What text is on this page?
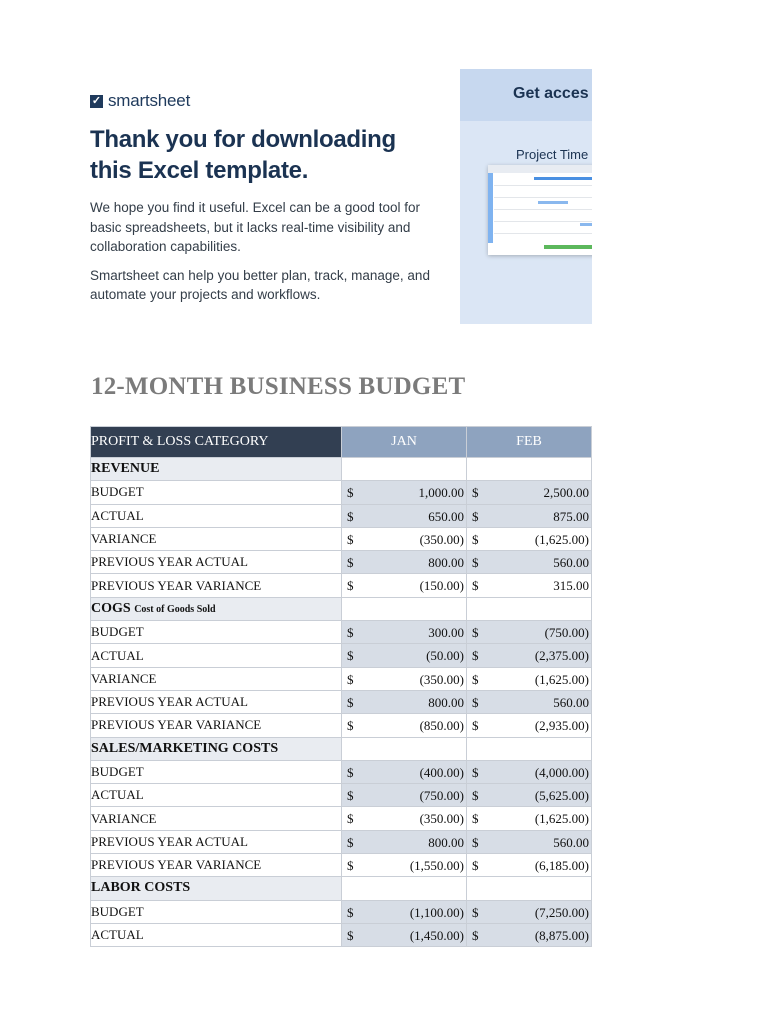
✓ smartsheet
Thank you for downloading
this Excel template.

We hope you find it useful. Excel can be a good tool for basic spreadsheets, but it lacks real-time visibility and collaboration capabilities.

Smartsheet can help you better plan, track, manage, and automate your projects and workflows.

Get acces
Project Time
12-MONTH BUSINESS BUDGET
PROFIT & LOSS CATEGORY	JAN	FEB
REVENUE		
BUDGET	$ 1,000.00	$ 2,500.00

ACTUAL	$ 650.00	$ 875.00

VARIANCE	$ (350.00)	$ (1,625.00)

PREVIOUS YEAR ACTUAL	$ 800.00	$ 560.00

PREVIOUS YEAR VARIANCE	$ (150.00)	$ 315.00

COGS Cost of Goods Sold		
BUDGET	$ 300.00	$ (750.00)

ACTUAL	$ (50.00)	$ (2,375.00)

VARIANCE	$ (350.00)	$ (1,625.00)

PREVIOUS YEAR ACTUAL	$ 800.00	$ 560.00

PREVIOUS YEAR VARIANCE	$ (850.00)	$ (2,935.00)

SALES/MARKETING COSTS		
BUDGET	$ (400.00)	$ (4,000.00)

ACTUAL	$ (750.00)	$ (5,625.00)

VARIANCE	$ (350.00)	$ (1,625.00)

PREVIOUS YEAR ACTUAL	$ 800.00	$ 560.00

PREVIOUS YEAR VARIANCE	$ (1,550.00)	$ (6,185.00)

LABOR COSTS		
BUDGET	$ (1,100.00)	$ (7,250.00)

ACTUAL	$ (1,450.00)	$ (8,875.00)
